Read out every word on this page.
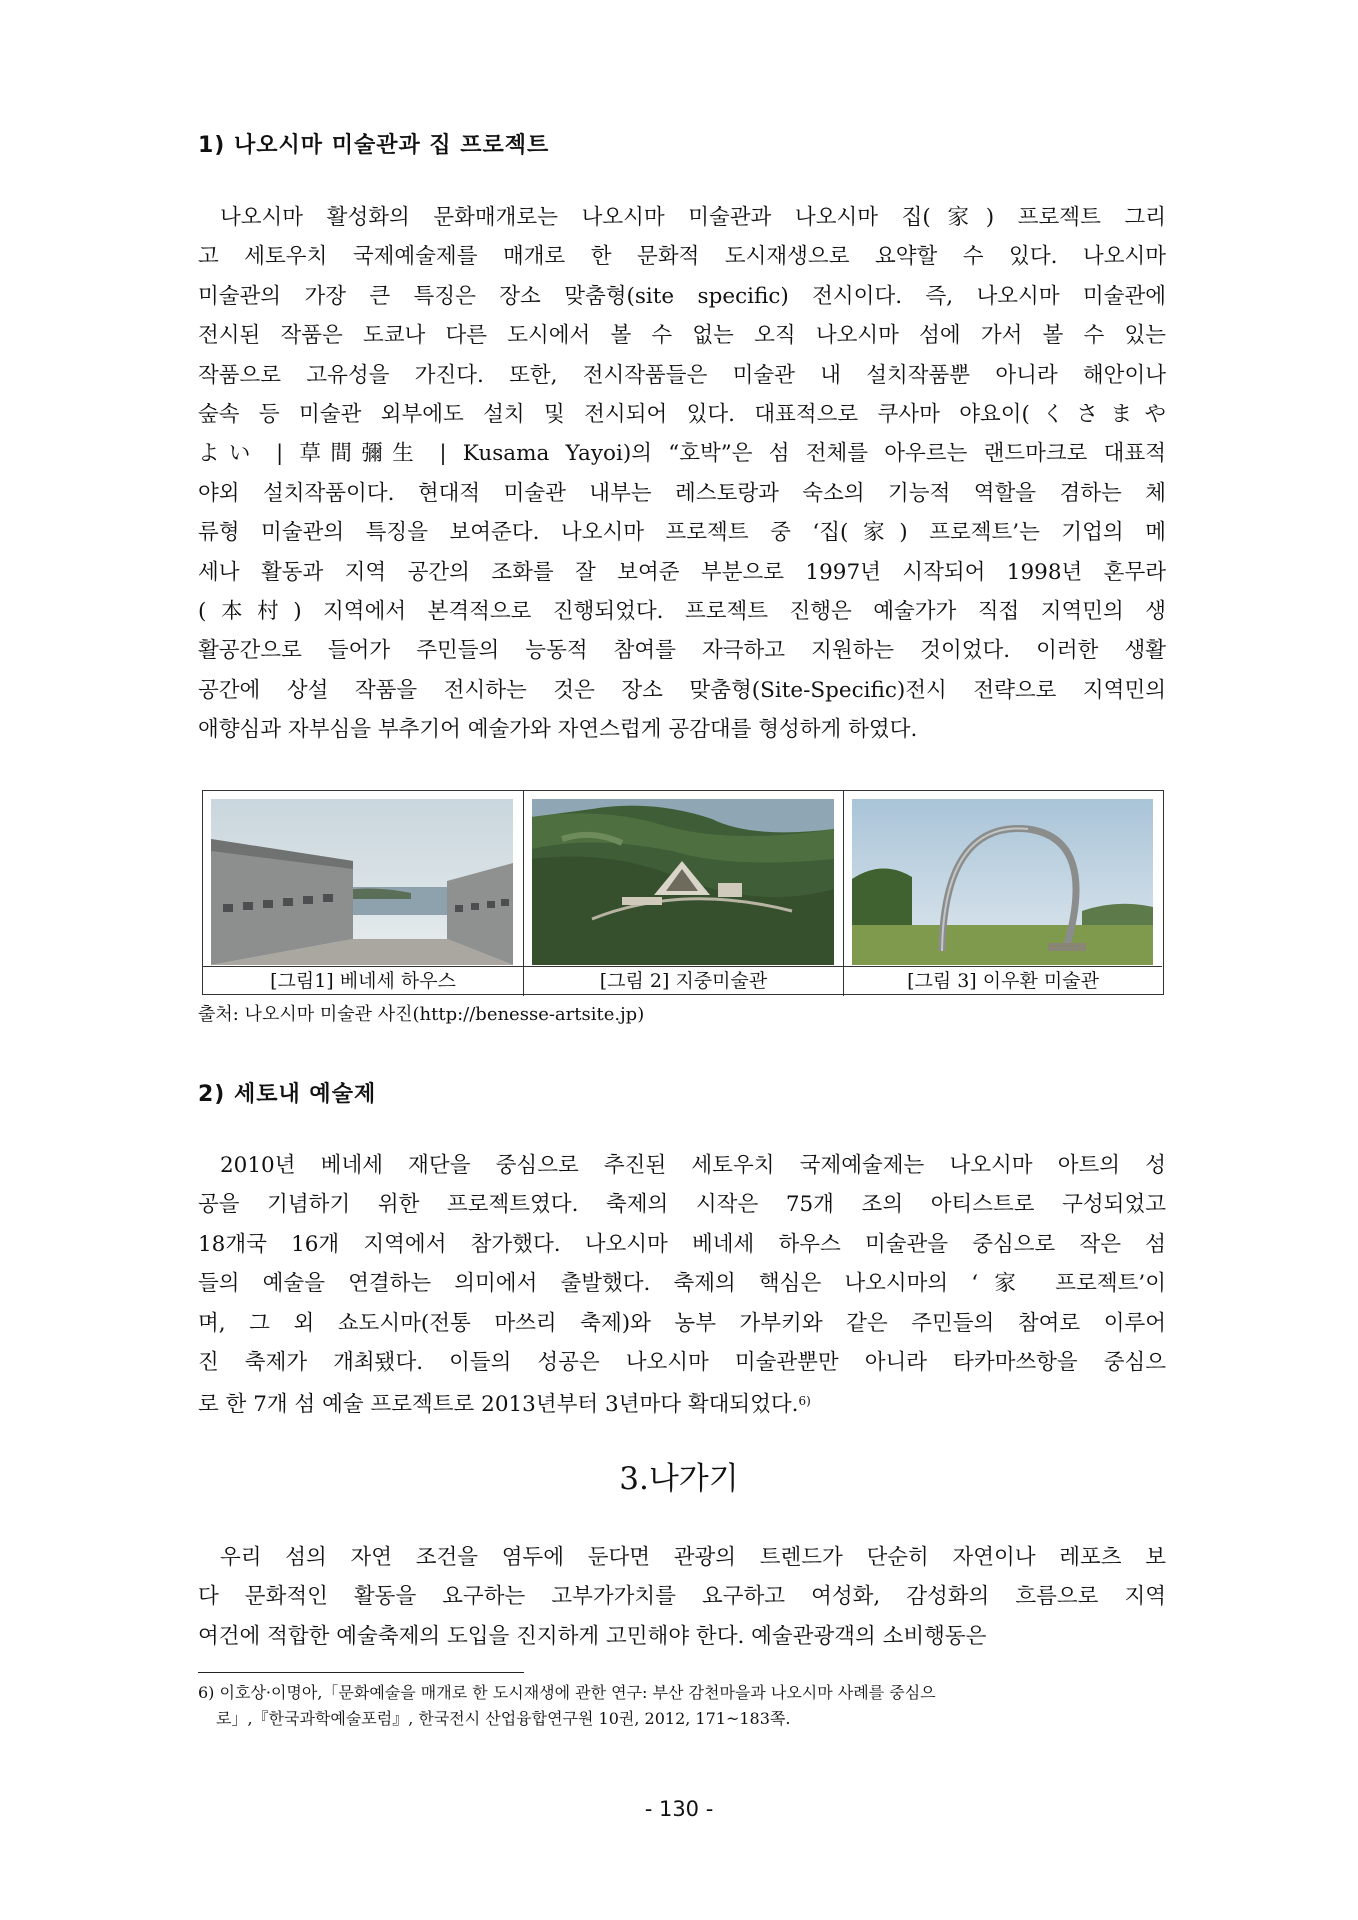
1) 나오시마 미술관과 집 프로젝트
나오시마 활성화의 문화매개로는 나오시마 미술관과 나오시마 집(家) 프로젝트 그리
고 세토우치 국제예술제를 매개로 한 문화적 도시재생으로 요약할 수 있다. 나오시마
미술관의 가장 큰 특징은 장소 맞춤형(site specific) 전시이다. 즉, 나오시마 미술관에
전시된 작품은 도쿄나 다른 도시에서 볼 수 없는 오직 나오시마 섬에 가서 볼 수 있는
작품으로 고유성을 가진다. 또한, 전시작품들은 미술관 내 설치작품뿐 아니라 해안이나
숲속 등 미술관 외부에도 설치 및 전시되어 있다. 대표적으로 쿠사마 야요이(くさまや
よい | 草間彌生 | Kusama Yayoi)의 “호박”은 섬 전체를 아우르는 랜드마크로 대표적
야외 설치작품이다. 현대적 미술관 내부는 레스토랑과 숙소의 기능적 역할을 겸하는 체
류형 미술관의 특징을 보여준다. 나오시마 프로젝트 중 ‘집(家) 프로젝트’는 기업의 메
세나 활동과 지역 공간의 조화를 잘 보여준 부분으로 1997년 시작되어 1998년 혼무라
(本村) 지역에서 본격적으로 진행되었다. 프로젝트 진행은 예술가가 직접 지역민의 생
활공간으로 들어가 주민들의 능동적 참여를 자극하고 지원하는 것이었다. 이러한 생활
공간에 상설 작품을 전시하는 것은 장소 맞춤형(Site-Specific)전시 전략으로 지역민의
애향심과 자부심을 부추기어 예술가와 자연스럽게 공감대를 형성하게 하였다.
[그림1] 베네세 하우스	[그림 2] 지중미술관	[그림 3] 이우환 미술관
출처: 나오시마 미술관 사진(http://benesse-artsite.jp)
2) 세토내 예술제
2010년 베네세 재단을 중심으로 추진된 세토우치 국제예술제는 나오시마 아트의 성
공을 기념하기 위한 프로젝트였다. 축제의 시작은 75개 조의 아티스트로 구성되었고
18개국 16개 지역에서 참가했다. 나오시마 베네세 하우스 미술관을 중심으로 작은 섬
들의 예술을 연결하는 의미에서 출발했다. 축제의 핵심은 나오시마의 ‘家 프로젝트’이
며, 그 외 쇼도시마(전통 마쓰리 축제)와 농부 가부키와 같은 주민들의 참여로 이루어
진 축제가 개최됐다. 이들의 성공은 나오시마 미술관뿐만 아니라 타카마쓰항을 중심으
로 한 7개 섬 예술 프로젝트로 2013년부터 3년마다 확대되었다.$^{6)}$
3.나가기
우리 섬의 자연 조건을 염두에 둔다면 관광의 트렌드가 단순히 자연이나 레포츠 보
다 문화적인 활동을 요구하는 고부가가치를 요구하고 여성화, 감성화의 흐름으로 지역
여건에 적합한 예술축제의 도입을 진지하게 고민해야 한다. 예술관광객의 소비행동은
6) 이호상·이명아,「문화예술을 매개로 한 도시재생에 관한 연구: 부산 감천마을과 나오시마 사례를 중심으
로」,『한국과학예술포럼』, 한국전시 산업융합연구원 10권, 2012, 171~183쪽.
- 130 -
